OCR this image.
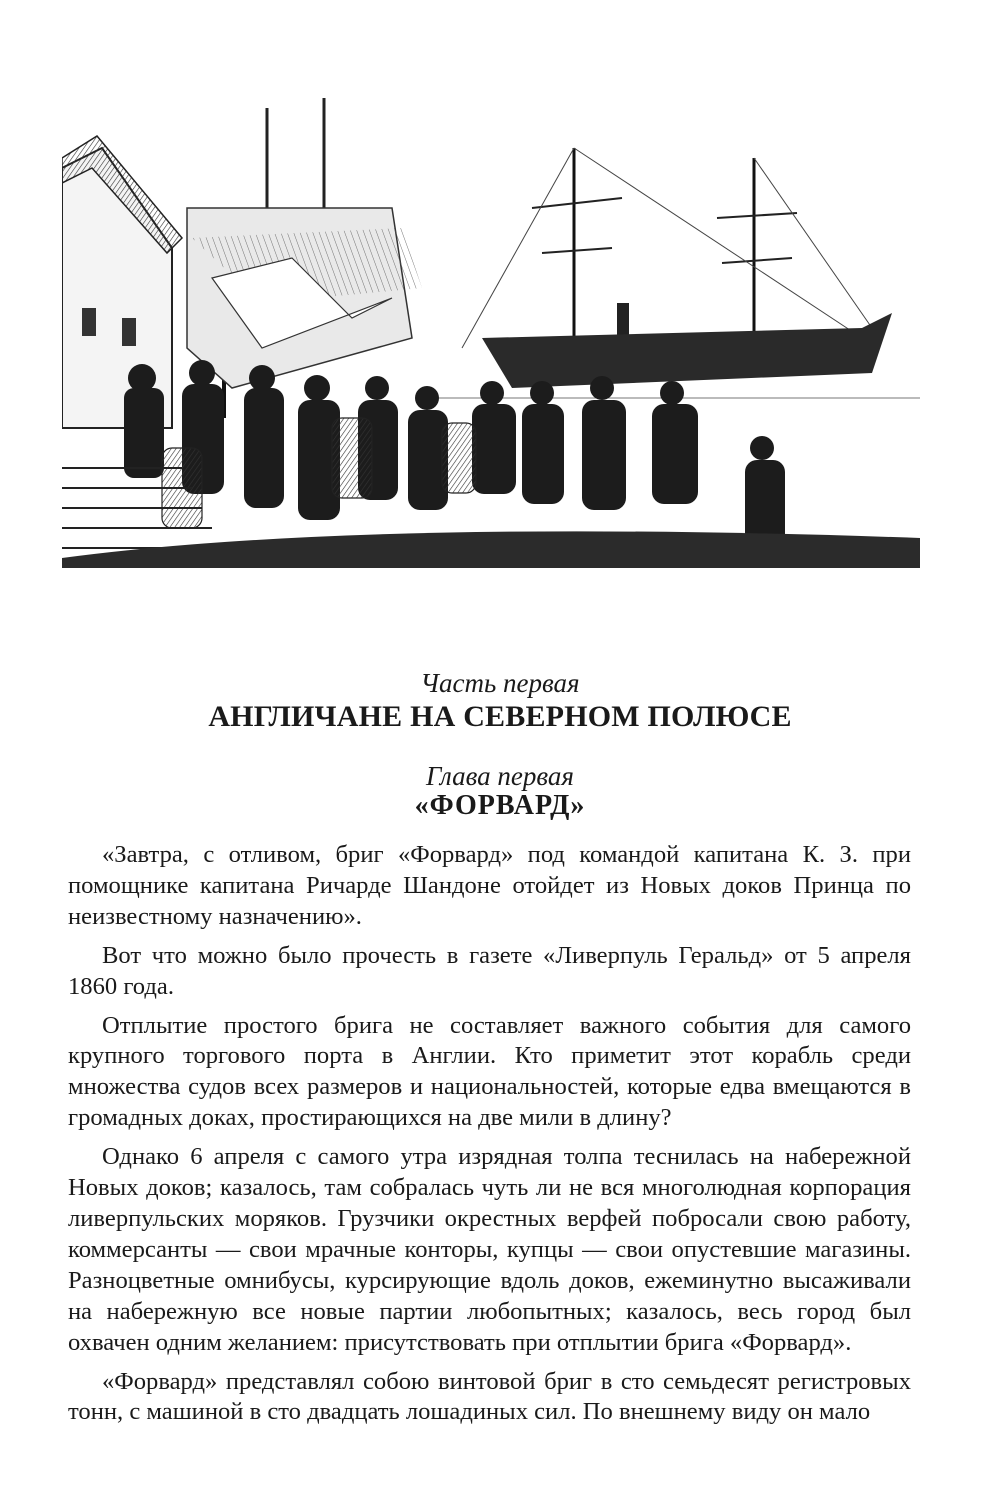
Часть первая
АНГЛИЧАНЕ НА СЕВЕРНОМ ПОЛЮСЕ
Глава первая
«ФОРВАРД»

«Завтра, с отливом, бриг «Форвард» под командой капитана К. З. при помощнике капитана Ричарде Шандоне отойдет из Новых доков Принца по неизвестному назначению».

Вот что можно было прочесть в газете «Ливерпуль Геральд» от 5 апреля 1860 года.

Отплытие простого брига не составляет важного события для самого крупного торгового порта в Англии. Кто приметит этот корабль среди множества судов всех размеров и национальностей, которые едва вмещаются в громадных доках, простирающихся на две мили в длину?

Однако 6 апреля с самого утра изрядная толпа теснилась на набережной Новых доков; казалось, там собралась чуть ли не вся многолюдная корпорация ливерпульских моряков. Грузчики окрестных верфей побросали свою работу, коммерсанты — свои мрачные конторы, купцы — свои опустевшие магазины. Разноцветные омнибусы, курсирующие вдоль доков, ежеминутно высаживали на набережную все новые партии любопытных; казалось, весь город был охвачен одним желанием: присутствовать при отплытии брига «Форвард».

«Форвард» представлял собою винтовой бриг в сто семьдесят регистровых тонн, с машиной в сто двадцать лошадиных сил. По внешнему виду он мало
